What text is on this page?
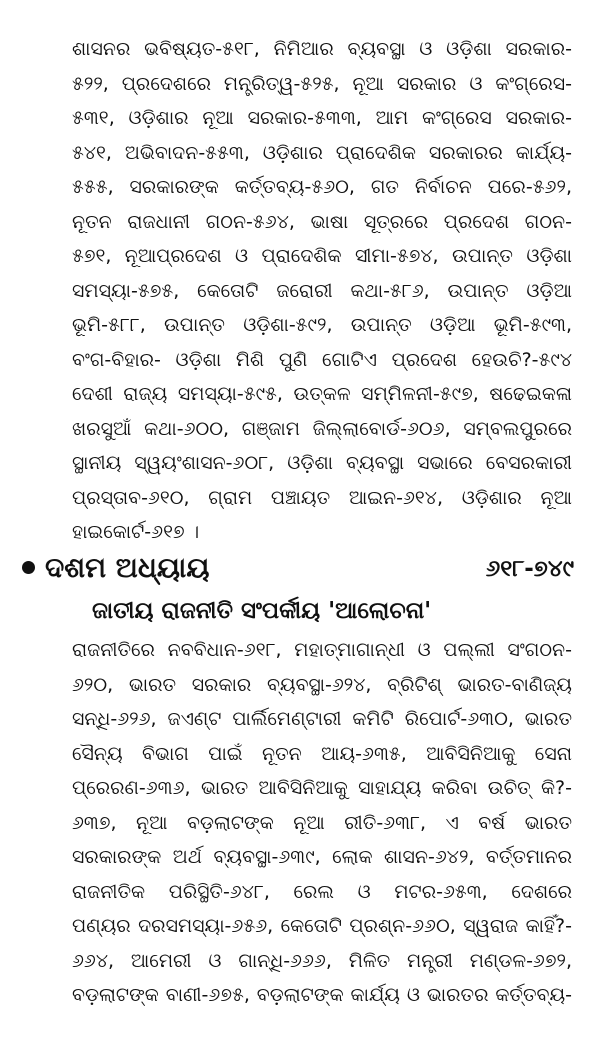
ଶାସନର ଭବିଷ୍ୟତ-୫୧୮, ନିମିଆର ବ୍ୟବସ୍ଥା ଓ ଓଡ଼ିଶା ସରକାର-
୫୨୨, ପ୍ରଦେଶରେ ମନ୍ତ୍ରିତ୍ୱ-୫୨୫, ନୂଆ ସରକାର ଓ କଂଗ୍ରେସ-
୫୩୧, ଓଡ଼ିଶାର ନୂଆ ସରକାର-୫୩୩, ଆମ କଂଗ୍ରେସ ସରକାର-
୫୪୧, ଅଭିବାଦନ-୫୫୩, ଓଡ଼ିଶାର ପ୍ରାଦେଶିକ ସରକାରର କାର୍ଯ୍ୟ-
୫୫୫, ସରକାରଙ୍କ କର୍ତ୍ତବ୍ୟ-୫୬୦, ଗତ ନିର୍ବାଚନ ପରେ-୫୬୨,
ନୂତନ ରାଜଧାନୀ ଗଠନ-୫୬୪, ଭାଷା ସୂତ୍ରରେ ପ୍ରଦେଶ ଗଠନ-
୫୭୧, ନୂଆପ୍ରଦେଶ ଓ ପ୍ରାଦେଶିକ ସୀମା-୫୭୪, ଉପାନ୍ତ ଓଡ଼ିଶା
ସମସ୍ୟା-୫୭୫, କେତୋଟି ଜରୋରୀ କଥା-୫୮୬, ଉପାନ୍ତ ଓଡ଼ିଆ
ଭୂମି-୫୮୮, ଉପାନ୍ତ ଓଡ଼ିଶା-୫୯୨, ଉପାନ୍ତ ଓଡ଼ିଆ ଭୂମି-୫୯୩,
ବଂଗ-ବିହାର- ଓଡ଼ିଶା ମିଶି ପୁଣି ଗୋଟିଏ ପ୍ରଦେଶ ହେଉଚି?-୫୯୪
ଦେଶୀ ରାଜ୍ୟ ସମସ୍ୟା-୫୯୫, ଉତ୍କଳ ସମ୍ମିଳନୀ-୫୯୭, ଷଢେଇକଳା
ଖରସୁଆଁ କଥା-୬୦୦, ଗଞ୍ଜାମ ଜିଲ୍ଲାବୋର୍ଡ-୬୦୬, ସମ୍ବଲପୁରରେ
ସ୍ଥାନୀୟ ସ୍ୱୟଂଶାସନ-୬୦୮, ଓଡ଼ିଶା ବ୍ୟବସ୍ଥା ସଭାରେ ବେସରକାରୀ
ପ୍ରସ୍ତାବ-୬୧୦, ଗ୍ରାମ ପଞ୍ଚାୟତ ଆଇନ-୬୧୪, ଓଡ଼ିଶାର ନୂଆ
ହାଇକୋର୍ଟ-୬୧୭ ।
ଦଶମ ଅଧ୍ୟାୟ	୬୧୮-୭୪୯
ଜାତୀୟ ରାଜନୀତି ସଂପର୍କୀୟ 'ଆଲୋଚନା'
ରାଜନୀତିରେ ନବବିଧାନ-୬୧୮, ମହାତ୍ମାଗାନ୍ଧୀ ଓ ପଲ୍ଲୀ ସଂଗଠନ-
୬୨୦, ଭାରତ ସରକାର ବ୍ୟବସ୍ଥା-୬୨୪, ବ୍ରିଟିଶ୍ ଭାରତ-ବାଣିଜ୍ୟ
ସନ୍ଧି-୬୨୬, ଜଏଣ୍ଟ ପାର୍ଲିମେଣ୍ଟାରୀ କମିଟି ରିପୋର୍ଟ-୬୩୦, ଭାରତ
ସୈନ୍ୟ ବିଭାଗ ପାଇଁ ନୂତନ ଆୟ-୬୩୫, ଆବିସିନିଆକୁ ସେନା
ପ୍ରେରଣ-୬୩୬, ଭାରତ ଆବିସିନିଆକୁ ସାହାଯ୍ୟ କରିବା ଉଚିତ୍ କି?-
୬୩୭, ନୂଆ ବଡ଼ଲାଟଙ୍କ ନୂଆ ରୀତି-୬୩୮, ଏ ବର୍ଷ ଭାରତ
ସରକାରଙ୍କ ଅର୍ଥ ବ୍ୟବସ୍ଥା-୬୩୯, ଲୋକ ଶାସନ-୬୪୨, ବର୍ତ୍ତମାନର
ରାଜନୀତିକ ପରିସ୍ଥିତି-୬୪୮, ରେଲ ଓ ମଟର-୬୫୩, ଦେଶରେ
ପଣ୍ୟର ଦରସମସ୍ୟା-୬୫୬, କେତୋଟି ପ୍ରଶ୍ନ-୬୬୦, ସ୍ୱରାଜ କାହିଁ?-
୬୬୪, ଆମେରୀ ଓ ଗାନ୍ଧି-୬୬୬, ମିଳିତ ମନ୍ତ୍ରୀ ମଣ୍ଡଳ-୬୭୨,
ବଡ଼ଲାଟଙ୍କ ବାଣୀ-୬୭୫, ବଡ଼ଲାଟଙ୍କ କାର୍ଯ୍ୟ ଓ ଭାରତର କର୍ତ୍ତବ୍ୟ-
